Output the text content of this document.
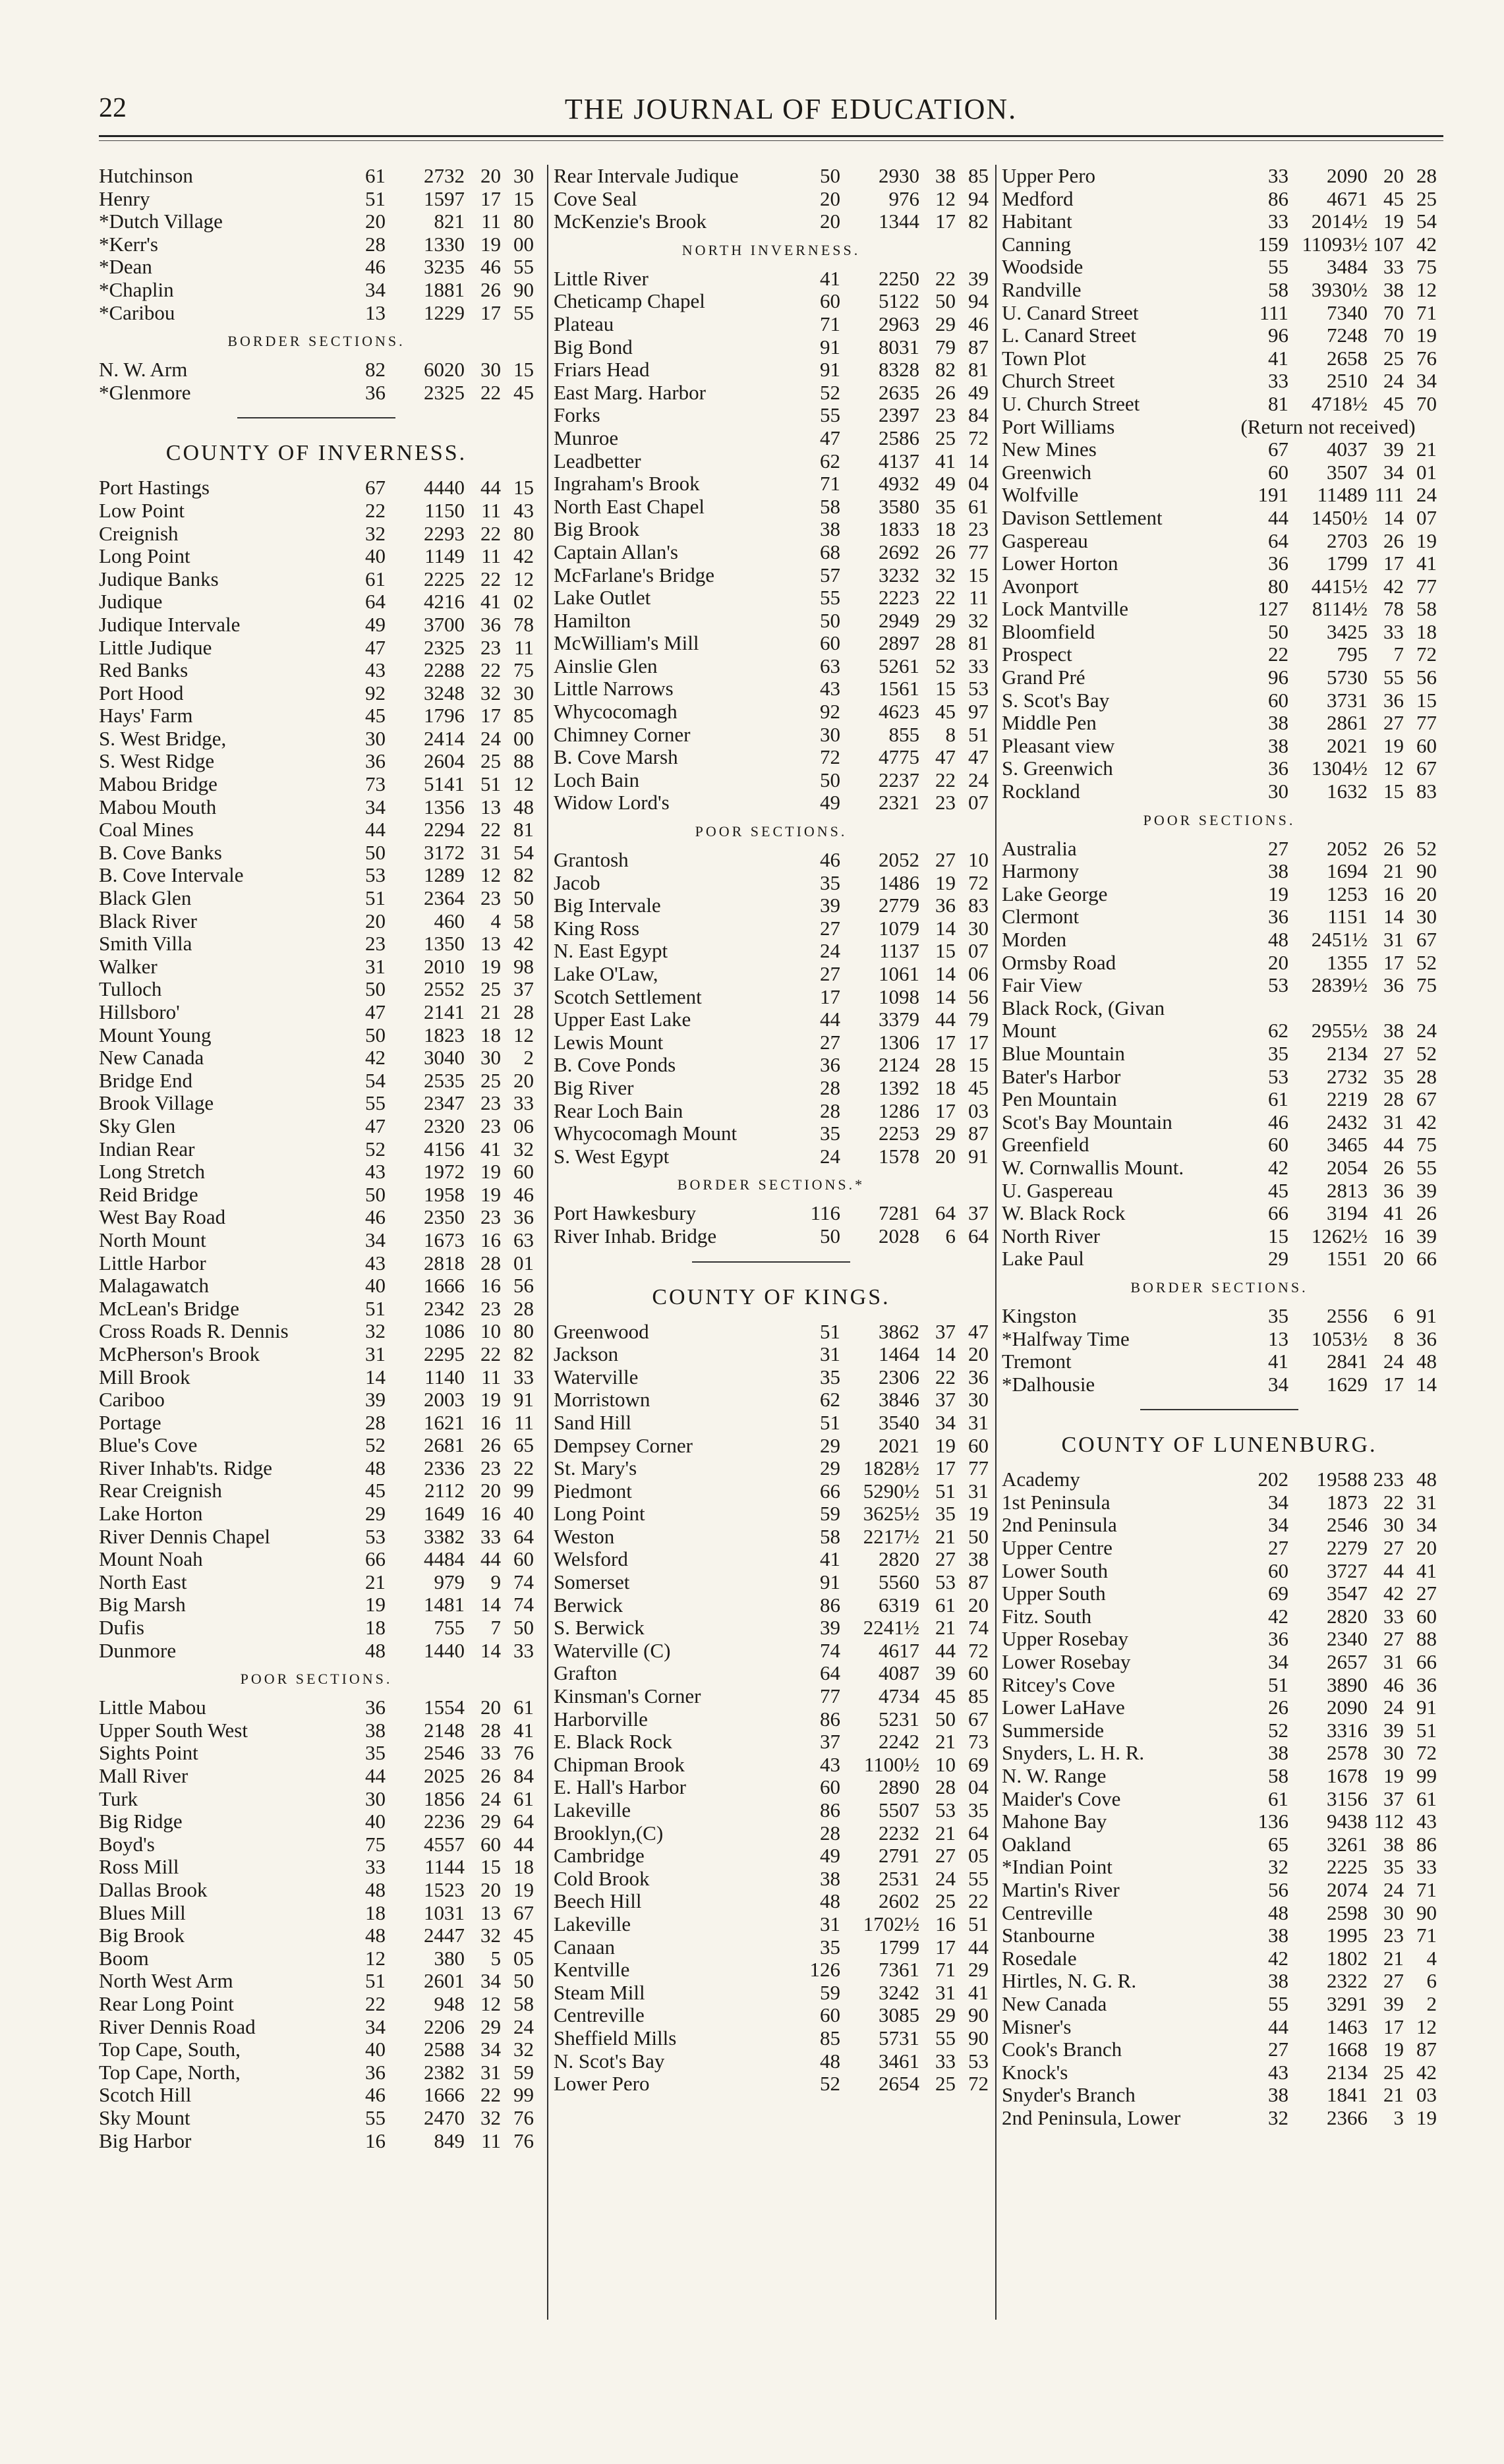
22	THE JOURNAL OF EDUCATION.
Hutchinson	61	2732 20 30
Henry	51	1597 17 15
*Dutch Village	20	821 11 80
*Kerr's	28	1330 19 00
*Dean	46	3235 46 55
*Chaplin	34	1881 26 90
*Caribou	13	1229 17 55
BORDER SECTIONS.
N. W. Arm	82	6020 30 15
*Glenmore	36	2325 22 45
COUNTY OF INVERNESS.
Port Hastings	67	4440 44 15
Low Point	22	1150 11 43
Creignish	32	2293 22 80
Long Point	40	1149 11 42
Judique Banks	61	2225 22 12
Judique	64	4216 41 02
Judique Intervale	49	3700 36 78
Little Judique	47	2325 23 11
Red Banks	43	2288 22 75
Port Hood	92	3248 32 30
Hays' Farm	45	1796 17 85
S. West Bridge,	30	2414 24 00
S. West Ridge	36	2604 25 88
Mabou Bridge	73	5141 51 12
Mabou Mouth	34	1356 13 48
Coal Mines	44	2294 22 81
B. Cove Banks	50	3172 31 54
B. Cove Intervale	53	1289 12 82
Black Glen	51	2364 23 50
Black River	20	460	4 58
Smith Villa	23	1350 13 42
Walker	31	2010 19 98
Tulloch	50	2552 25 37
Hillsboro'	47	2141 21 28
Mount Young	50	1823 18 12
New Canada	42	3040 30	2
Bridge End	54	2535 25 20
Brook Village	55	2347 23 33
Sky Glen	47	2320 23 06
Indian Rear	52	4156 41 32
Long Stretch	43	1972 19 60
Reid Bridge	50	1958 19 46
West Bay Road	46	2350 23 36
North Mount	34	1673 16 63
Little Harbor	43	2818 28 01
Malagawatch	40	1666 16 56
McLean's Bridge	51	2342 23 28
Cross Roads R. Dennis	32	1086 10 80
McPherson's Brook	31	2295 22 82
Mill Brook	14	1140 11 33
Cariboo	39	2003 19 91
Portage	28	1621 16 11
Blue's Cove	52	2681 26 65
River Inhab'ts. Ridge	48	2336 23 22
Rear Creignish	45	2112 20 99
Lake Horton	29	1649 16 40
River Dennis Chapel	53	3382 33 64
Mount Noah	66	4484 44 60
North East	21	979	9 74
Big Marsh	19	1481 14 74
Dufis	18	755	7 50
Dunmore	48	1440 14 33
POOR SECTIONS.
Little Mabou	36	1554 20 61
Upper South West	38	2148 28 41
Sights Point	35	2546 33 76
Mall River	44	2025 26 84
Turk	30	1856 24 61
Big Ridge	40	2236 29 64
Boyd's	75	4557 60 44
Ross Mill	33	1144 15 18
Dallas Brook	48	1523 20 19
Blues Mill	18	1031 13 67
Big Brook	48	2447 32 45
Boom	12	380	5 05
North West Arm	51	2601 34 50
Rear Long Point	22	948 12 58
River Dennis Road	34	2206 29 24
Top Cape, South,	40	2588 34 32
Top Cape, North,	36	2382 31 59
Scotch Hill	46	1666 22 99
Sky Mount	55	2470 32 76
Big Harbor	16	849 11 76
Rear Intervale Judique	50	2930 38 85
Cove Seal	20	976 12 94
McKenzie's Brook	20	1344 17 82
NORTH INVERNESS.
Little River	41	2250 22 39
Cheticamp Chapel	60	5122 50 94
Plateau	71	2963 29 46
Big Bond	91	8031 79 87
Friars Head	91	8328 82 81
East Marg. Harbor	52	2635 26 49
Forks	55	2397 23 84
Munroe	47	2586 25 72
Leadbetter	62	4137 41 14
Ingraham's Brook	71	4932 49 04
North East Chapel	58	3580 35 61
Big Brook	38	1833 18 23
Captain Allan's	68	2692 26 77
McFarlane's Bridge	57	3232 32 15
Lake Outlet	55	2223 22 11
Hamilton	50	2949 29 32
McWilliam's Mill	60	2897 28 81
Ainslie Glen	63	5261 52 33
Little Narrows	43	1561 15 53
Whycocomagh	92	4623 45 97
Chimney Corner	30	855	8 51
B. Cove Marsh	72	4775 47 47
Loch Bain	50	2237 22 24
Widow Lord's	49	2321 23 07
POOR SECTIONS.
Grantosh	46	2052 27 10
Jacob	35	1486 19 72
Big Intervale	39	2779 36 83
King Ross	27	1079 14 30
N. East Egypt	24	1137 15 07
Lake O'Law,	27	1061 14 06
Scotch Settlement	17	1098 14 56
Upper East Lake	44	3379 44 79
Lewis Mount	27	1306 17 17
B. Cove Ponds	36	2124 28 15
Big River	28	1392 18 45
Rear Loch Bain	28	1286 17 03
Whycocomagh Mount	35	2253 29 87
S. West Egypt	24	1578 20 91
BORDER SECTIONS.*
Port Hawkesbury	116	7281 64 37
River Inhab. Bridge	50	2028	6 64
COUNTY OF KINGS.
Greenwood	51	3862 37 47
Jackson	31	1464 14 20
Waterville	35	2306 22 36
Morristown	62	3846 37 30
Sand Hill	51	3540 34 31
Dempsey Corner	29	2021 19 60
St. Mary's	29	1828½ 17 77
Piedmont	66	5290½ 51 31
Long Point	59	3625½ 35 19
Weston	58	2217½ 21 50
Welsford	41	2820 27 38
Somerset	91	5560 53 87
Berwick	86	6319 61 20
S. Berwick	39	2241½ 21 74
Waterville (C)	74	4617 44 72
Grafton	64	4087 39 60
Kinsman's Corner	77	4734 45 85
Harborville	86	5231 50 67
E. Black Rock	37	2242 21 73
Chipman Brook	43	1100½ 10 69
E. Hall's Harbor	60	2890 28 04
Lakeville	86	5507 53 35
Brooklyn,(C)	28	2232 21 64
Cambridge	49	2791 27 05
Cold Brook	38	2531 24 55
Beech Hill	48	2602 25 22
Lakeville	31	1702½ 16 51
Canaan	35	1799 17 44
Kentville	126	7361 71 29
Steam Mill	59	3242 31 41
Centreville	60	3085 29 90
Sheffield Mills	85	5731 55 90
N. Scot's Bay	48	3461 33 53
Lower Pero	52	2654 25 72
Upper Pero	33	2090 20 28
Medford	86	4671 45 25
Habitant	33	2014½ 19 54
Canning	159 11093½ 107 42
Woodside	55	3484 33 75
Randville	58	3930½ 38 12
U. Canard Street	111	7340 70 71
L. Canard Street	96	7248 70 19
Town Plot	41	2658 25 76
Church Street	33	2510 24 34
U. Church Street	81	4718½ 45 70
Port Williams	(Return not received)
New Mines	67	4037 39 21
Greenwich	60	3507 34 01
Wolfville	191	11489 111 24
Davison Settlement	44	1450½ 14 07
Gaspereau	64	2703 26 19
Lower Horton	36	1799 17 41
Avonport	80	4415½ 42 77
Lock Mantville	127	8114½ 78 58
Bloomfield	50	3425 33 18
Prospect	22	795	7 72
Grand Pré	96	5730 55 56
S. Scot's Bay	60	3731 36 15
Middle Pen	38	2861 27 77
Pleasant view	38	2021 19 60
S. Greenwich	36	1304½ 12 67
Rockland	30	1632 15 83
POOR SECTIONS.
Australia	27	2052 26 52
Harmony	38	1694 21 90
Lake George	19	1253 16 20
Clermont	36	1151 14 30
Morden	48	2451½ 31 67
Ormsby Road	20	1355 17 52
Fair View	53	2839½ 36 75
Black Rock, (Givan
Mount	62	2955½ 38 24
Blue Mountain	35	2134 27 52
Bater's Harbor	53	2732 35 28
Pen Mountain	61	2219 28 67
Scot's Bay Mountain	46	2432 31 42
Greenfield	60	3465 44 75
W. Cornwallis Mount.	42	2054 26 55
U. Gaspereau	45	2813 36 39
W. Black Rock	66	3194 41 26
North River	15	1262½ 16 39
Lake Paul	29	1551 20 66
BORDER SECTIONS.
Kingston	35	2556	6 91
*Halfway Time	13	1053½	8 36
Tremont	41	2841 24 48
*Dalhousie	34	1629 17 14
COUNTY OF LUNENBURG.
Academy	202	19588 233 48
1st Peninsula	34	1873 22 31
2nd Peninsula	34	2546 30 34
Upper Centre	27	2279 27 20
Lower South	60	3727 44 41
Upper South	69	3547 42 27
Fitz. South	42	2820 33 60
Upper Rosebay	36	2340 27 88
Lower Rosebay	34	2657 31 66
Ritcey's Cove	51	3890 46 36
Lower LaHave	26	2090 24 91
Summerside	52	3316 39 51
Snyders, L. H. R.	38	2578 30 72
N. W. Range	58	1678 19 99
Maider's Cove	61	3156 37 61
Mahone Bay	136	9438 112 43
Oakland	65	3261 38 86
*Indian Point	32	2225 35 33
Martin's River	56	2074 24 71
Centreville	48	2598 30 90
Stanbourne	38	1995 23 71
Rosedale	42	1802 21	4
Hirtles, N. G. R.	38	2322 27	6
New Canada	55	3291 39	2
Misner's	44	1463 17 12
Cook's Branch	27	1668 19 87
Knock's	43	2134 25 42
Snyder's Branch	38	1841 21 03
2nd Peninsula, Lower	32	2366	3 19
